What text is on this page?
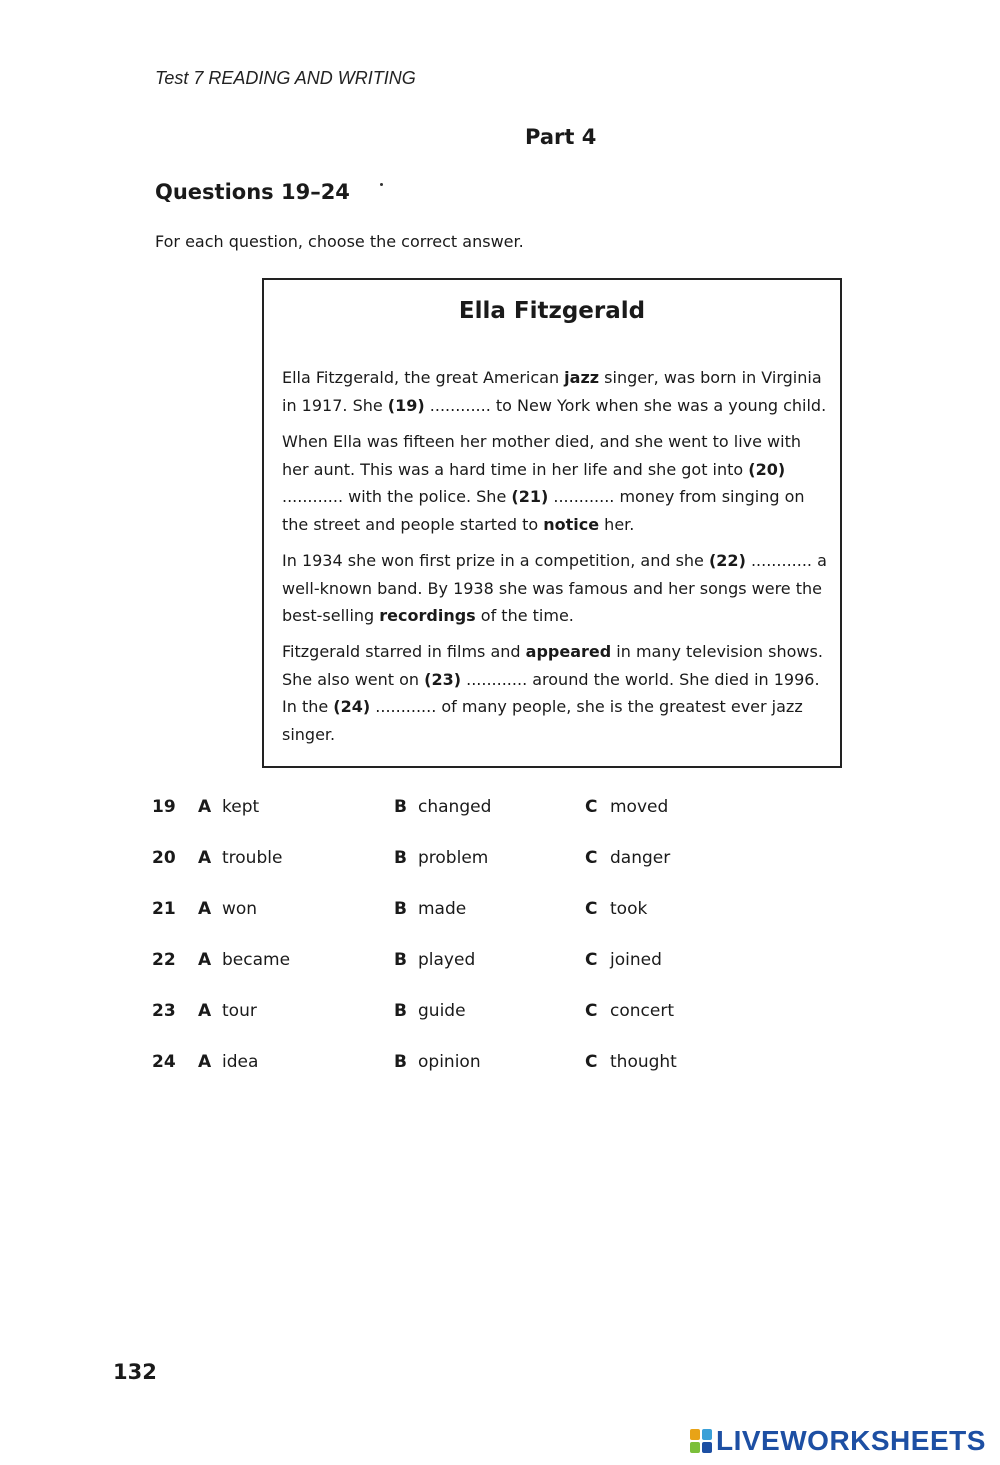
Test 7 READING AND WRITING
Part 4
Questions 19–24
For each question, choose the correct answer.
Ella Fitzgerald

Ella Fitzgerald, the great American jazz singer, was born in Virginia in 1917. She (19) ............ to New York when she was a young child.

When Ella was fifteen her mother died, and she went to live with her aunt. This was a hard time in her life and she got into (20) ............ with the police. She (21) ............ money from singing on the street and people started to notice her.

In 1934 she won first prize in a competition, and she (22) ............ a well-known band. By 1938 she was famous and her songs were the best-selling recordings of the time.

Fitzgerald starred in films and appeared in many television shows. She also went on (23) ............ around the world. She died in 1996. In the (24) ............ of many people, she is the greatest ever jazz singer.

19 A kept	B changed	C moved
20 A trouble	B problem	C danger
21 A won	B made	C took
22 A became	B played	C joined
23 A tour	B guide	C concert
24 A idea	B opinion	C thought
132
LIVEWORKSHEETS
